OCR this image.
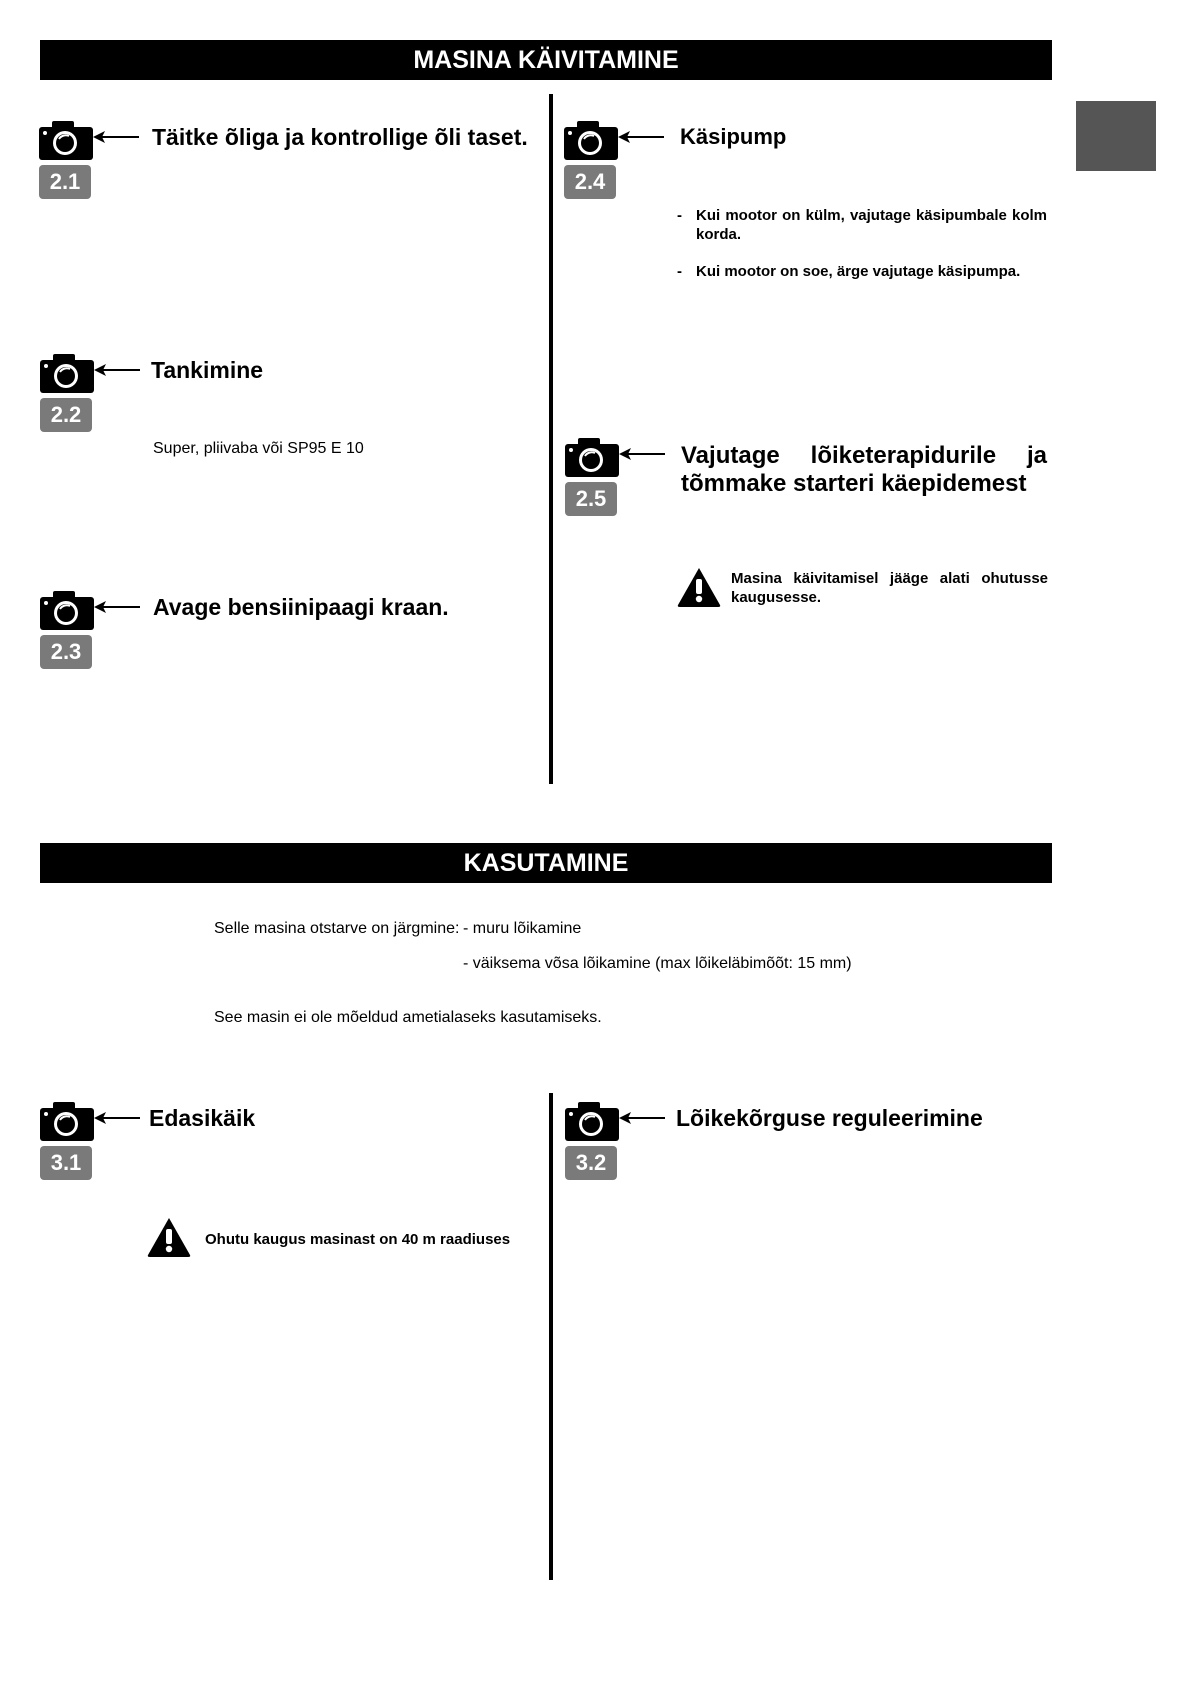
MASINA KÄIVITAMINE
2.1
Täitke õliga ja kontrollige õli taset.
2.2
Tankimine
Super, pliivaba või SP95 E 10
2.3
Avage bensiinipaagi kraan.
2.4
Käsipump
- Kui mootor on külm, vajutage käsipumbale kolm korda.
- Kui mootor on soe, ärge vajutage käsipumpa.
2.5
Vajutage lõiketerapidurile ja
tõmmake starteri käepidemest
Masina käivitamisel jääge alati ohutusse kaugusesse.
KASUTAMINE
Selle masina otstarve on järgmine: - muru lõikamine
- väiksema võsa lõikamine (max lõikeläbimõõt: 15 mm)
See masin ei ole mõeldud ametialaseks kasutamiseks.
3.1
Edasikäik
Ohutu kaugus masinast on 40 m raadiuses
3.2
Lõikekõrguse reguleerimine
